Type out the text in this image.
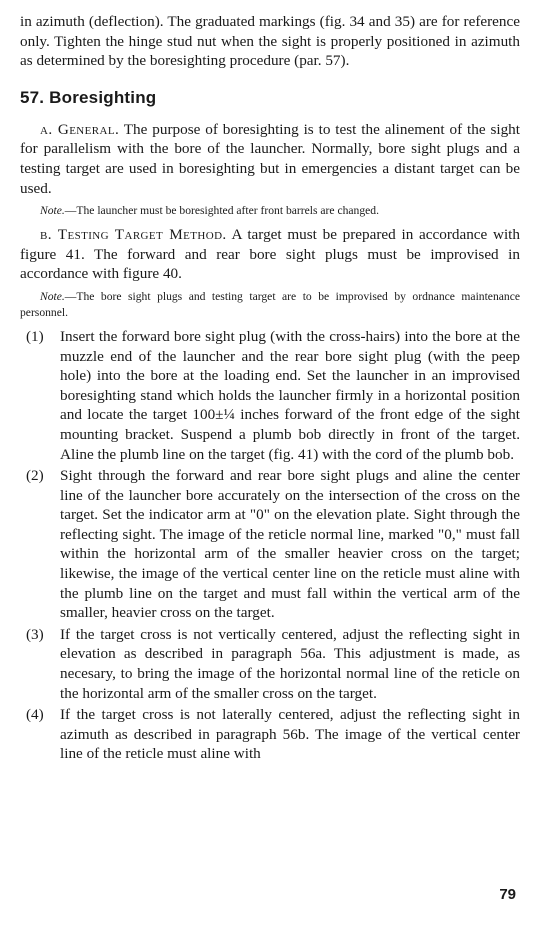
in azimuth (deflection). The graduated markings (fig. 34 and 35) are for reference only. Tighten the hinge stud nut when the sight is properly positioned in azimuth as determined by the boresighting procedure (par. 57).

57. Boresighting

a. General. The purpose of boresighting is to test the alinement of the sight for parallelism with the bore of the launcher. Normally, bore sight plugs and a testing target are used in boresighting but in emergencies a distant target can be used.

Note.—The launcher must be boresighted after front barrels are changed.

b. Testing Target Method. A target must be prepared in accordance with figure 41. The forward and rear bore sight plugs must be improvised in accordance with figure 40.

Note.—The bore sight plugs and testing target are to be improvised by ordnance maintenance personnel.

(1) Insert the forward bore sight plug (with the cross-hairs) into the bore at the muzzle end of the launcher and the rear bore sight plug (with the peep hole) into the bore at the loading end. Set the launcher in an improvised boresighting stand which holds the launcher firmly in a horizontal position and locate the target 100±¼ inches forward of the front edge of the sight mounting bracket. Suspend a plumb bob directly in front of the target. Aline the plumb line on the target (fig. 41) with the cord of the plumb bob.
(2) Sight through the forward and rear bore sight plugs and aline the center line of the launcher bore accurately on the intersection of the cross on the target. Set the indicator arm at "0" on the elevation plate. Sight through the reflecting sight. The image of the reticle normal line, marked "0," must fall within the horizontal arm of the smaller heavier cross on the target; likewise, the image of the vertical center line on the reticle must aline with the plumb line on the target and must fall within the vertical arm of the smaller, heavier cross on the target.
(3) If the target cross is not vertically centered, adjust the reflecting sight in elevation as described in paragraph 56a. This adjustment is made, as necesary, to bring the image of the horizontal normal line of the reticle on the horizontal arm of the smaller cross on the target.
(4) If the target cross is not laterally centered, adjust the reflecting sight in azimuth as described in paragraph 56b. The image of the vertical center line of the reticle must aline with
79
